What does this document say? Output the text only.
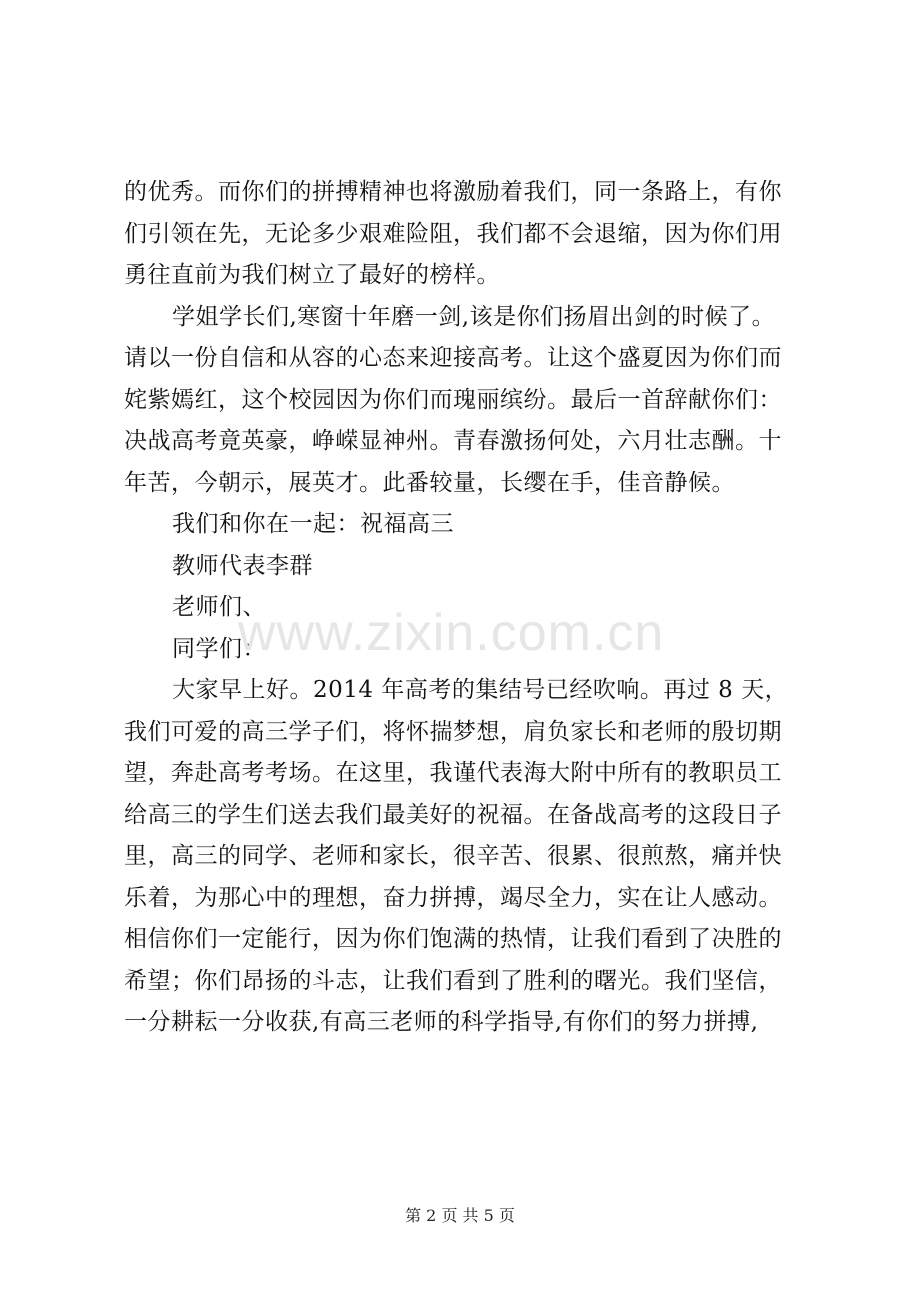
的优秀。而你们的拼搏精神也将激励着我们，同一条路上，有你
们引领在先，无论多少艰难险阻，我们都不会退缩，因为你们用
勇往直前为我们树立了最好的榜样。
学姐学长们,寒窗十年磨一剑,该是你们扬眉出剑的时候了。
请以一份自信和从容的心态来迎接高考。让这个盛夏因为你们而
姹紫嫣红，这个校园因为你们而瑰丽缤纷。最后一首辞献你们：
决战高考竟英豪，峥嵘显神州。青春激扬何处，六月壮志酬。十
年苦，今朝示，展英才。此番较量，长缨在手，佳音静候。
我们和你在一起：祝福高三
教师代表李群
老师们、
同学们：
大家早上好。2014 年高考的集结号已经吹响。再过 8 天，
我们可爱的高三学子们，将怀揣梦想，肩负家长和老师的殷切期
望，奔赴高考考场。在这里，我谨代表海大附中所有的教职员工
给高三的学生们送去我们最美好的祝福。在备战高考的这段日子
里，高三的同学、老师和家长，很辛苦、很累、很煎熬，痛并快
乐着，为那心中的理想，奋力拼搏，竭尽全力，实在让人感动。
相信你们一定能行，因为你们饱满的热情，让我们看到了决胜的
希望；你们昂扬的斗志，让我们看到了胜利的曙光。我们坚信，
一分耕耘一分收获,有高三老师的科学指导,有你们的努力拼搏,
www.zixin.com.cn
第 2 页 共 5 页
